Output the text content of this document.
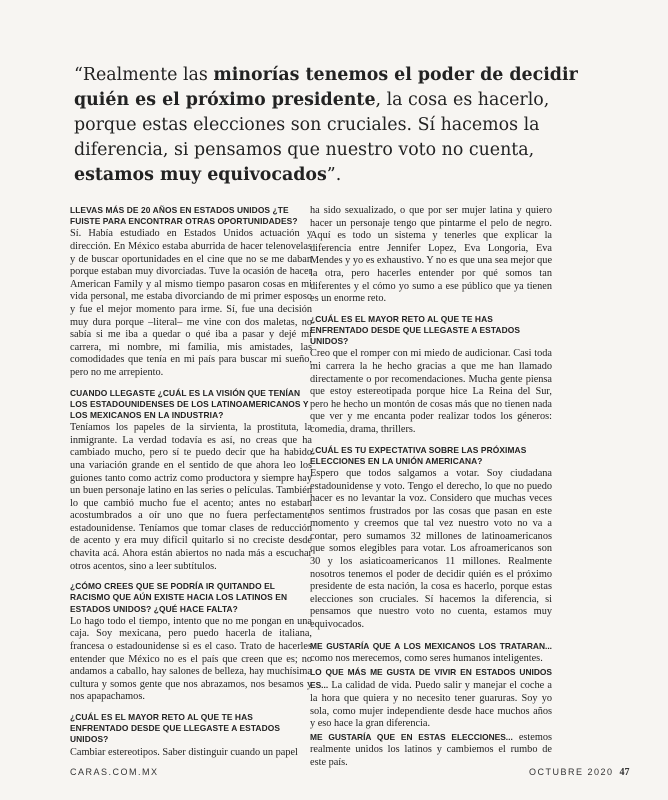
“Realmente las minorías tenemos el poder de decidir quién es el próximo presidente, la cosa es hacerlo, porque estas elecciones son cruciales. Sí hacemos la diferencia, si pensamos que nuestro voto no cuenta, estamos muy equivocados”.
LLEVAS MÁS DE 20 AÑOS EN ESTADOS UNIDOS ¿TE FUISTE PARA ENCONTRAR OTRAS OPORTUNIDADES?

Sí. Había estudiado en Estados Unidos actuación y dirección. En México estaba aburrida de hacer telenovelas y de buscar oportunidades en el cine que no se me daban porque estaban muy divorciadas. Tuve la ocasión de hacer American Family y al mismo tiempo pasaron cosas en mi vida personal, me estaba divorciando de mi primer esposo y fue el mejor momento para irme. Sí, fue una decisión muy dura porque –literal– me vine con dos maletas, no sabía si me iba a quedar o qué iba a pasar y dejé mi carrera, mi nombre, mi familia, mis amistades, las comodidades que tenía en mi país para buscar mi sueño, pero no me arrepiento.

CUANDO LLEGASTE ¿CUÁL ES LA VISIÓN QUE TENÍAN LOS ESTADOUNIDENSES DE LOS LATINOAMERICANOS Y LOS MEXICANOS EN LA INDUSTRIA?

Teníamos los papeles de la sirvienta, la prostituta, la inmigrante. La verdad todavía es así, no creas que ha cambiado mucho, pero sí te puedo decir que ha habido una variación grande en el sentido de que ahora leo los guiones tanto como actriz como productora y siempre hay un buen personaje latino en las series o películas. También lo que cambió mucho fue el acento; antes no estaban acostumbrados a oír uno que no fuera perfectamente estadounidense. Teníamos que tomar clases de reducción de acento y era muy difícil quitarlo si no creciste desde chavita acá. Ahora están abiertos no nada más a escuchar otros acentos, sino a leer subtítulos.

¿CÓMO CREES QUE SE PODRÍA IR QUITANDO EL RACISMO QUE AÚN EXISTE HACIA LOS LATINOS EN ESTADOS UNIDOS? ¿QUÉ HACE FALTA?

Lo hago todo el tiempo, intento que no me pongan en una caja. Soy mexicana, pero puedo hacerla de italiana, francesa o estadounidense si es el caso. Trato de hacerles entender que México no es el país que creen que es; no andamos a caballo, hay salones de belleza, hay muchísima cultura y somos gente que nos abrazamos, nos besamos y nos apapachamos.

¿CUÁL ES EL MAYOR RETO AL QUE TE HAS ENFRENTADO DESDE QUE LLEGASTE A ESTADOS UNIDOS?

Cambiar estereotipos. Saber distinguir cuando un papel

ha sido sexualizado, o que por ser mujer latina y quiero hacer un personaje tengo que pintarme el pelo de negro. Aquí es todo un sistema y tenerles que explicar la diferencia entre Jennifer Lopez, Eva Longoria, Eva Mendes y yo es exhaustivo. Y no es que una sea mejor que la otra, pero hacerles entender por qué somos tan diferentes y el cómo yo sumo a ese público que ya tienen es un enorme reto.

¿CUÁL ES EL MAYOR RETO AL QUE TE HAS ENFRENTADO DESDE QUE LLEGASTE A ESTADOS UNIDOS?

Creo que el romper con mi miedo de audicionar. Casi toda mi carrera la he hecho gracias a que me han llamado directamente o por recomendaciones. Mucha gente piensa que estoy estereotipada porque hice La Reina del Sur, pero he hecho un montón de cosas más que no tienen nada que ver y me encanta poder realizar todos los géneros: comedia, drama, thrillers.

¿CUÁL ES TU EXPECTATIVA SOBRE LAS PRÓXIMAS ELECCIONES EN LA UNIÓN AMERICANA?

Espero que todos salgamos a votar. Soy ciudadana estadounidense y voto. Tengo el derecho, lo que no puedo hacer es no levantar la voz. Considero que muchas veces nos sentimos frustrados por las cosas que pasan en este momento y creemos que tal vez nuestro voto no va a contar, pero sumamos 32 millones de latinoamericanos que somos elegibles para votar. Los afroamericanos son 30 y los asiaticoamericanos 11 millones. Realmente nosotros tenemos el poder de decidir quién es el próximo presidente de esta nación, la cosa es hacerlo, porque estas elecciones son cruciales. Sí hacemos la diferencia, si pensamos que nuestro voto no cuenta, estamos muy equivocados.

ME GUSTARÍA QUE A LOS MEXICANOS LOS TRATARAN... como nos merecemos, como seres humanos inteligentes.

LO QUE MÁS ME GUSTA DE VIVIR EN ESTADOS UNIDOS ES... La calidad de vida. Puedo salir y manejar el coche a la hora que quiera y no necesito tener guaruras. Soy yo sola, como mujer independiente desde hace muchos años y eso hace la gran diferencia.

ME GUSTARÍA QUE EN ESTAS ELECCIONES... estemos realmente unidos los latinos y cambiemos el rumbo de este país.

CARAS.COM.MX	OCTUBRE 2020 47
